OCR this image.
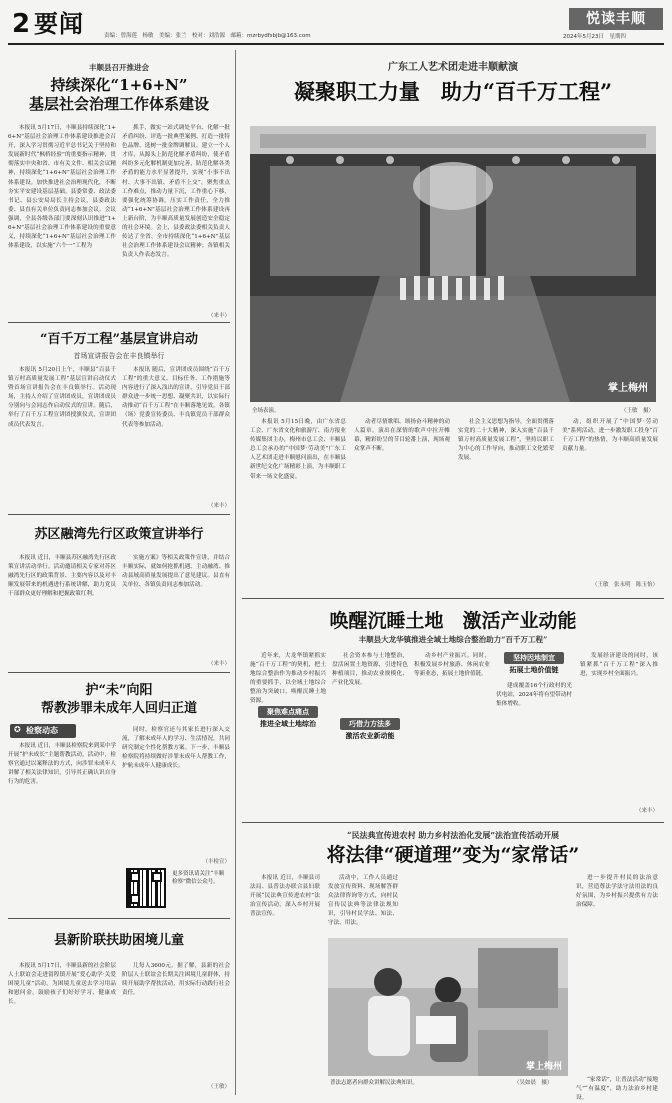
2 要闻	责编：曾海莲　杨敏　美编：张兰　校对：刘浩源　邮箱：mzrbydfsbjb@163.com
悦读丰顺
2024年5月23日　星期四
丰顺县召开推进会
持续深化“1+6+N”
基层社会治理工作体系建设

本报讯 5月17日，丰顺县持续深化“1+6+N”基层社会治理工作体系建设推进会召开，深入学习贯彻习近平总书记关于坚持和发展新时代“枫桥经验”的重要指示精神，贯彻落实中央和省、市有关文件、相关会议精神，持续深化“1+6+N”基层社会治理工作体系建设。加快推进社会治理现代化，不断夯实平安建设基层基础。县委常委、政法委书记、县公安局局长主持会议，县委政法委、县直有关单位负责同志参加会议。会议强调，全县各级各部门要深刻认识推进“1+6+N”基层社会治理工作体系建设的重要意义，持续深化“1+6+N”基层社会治理工作体系建设，以实施“六个一”工程为

抓手，做实一站式调处平台、化解一批矛盾纠纷、评选一批典型案例、打造一批特色品牌、选树一批金牌调解员、建立一个人才库，从源头上防范化解矛盾纠纷，使矛盾纠纷多元化解机制更加完善，防范化解各类矛盾的能力水平显著提升，实现“小事不出村、大事不出镇、矛盾不上交”，聚焦重点工作难点，推动力量下沉，工作重心下移，要强化统筹协调，压实工作责任，全力推动“1+6+N”基层社会治理工作体系建设再上新台阶，为丰顺高质量发展创造安全稳定的社会环境。会上，县委政法委相关负责人传达了全省、全市持续深化“1+6+N”基层社会治理工作体系建设会议精神；各镇相关负责人作表态发言。

（来丰）
“百千万工程”基层宣讲启动
首场宣讲报告会在丰良镇举行

本报讯 5月20日上午，丰顺县“百县千镇万村高质量发展工程”基层宣讲启动仪式暨首场宣讲报告会在丰良镇举行。活动现场，主持人介绍了宣讲团成员，宣讲团成员分别向与会同志作启动仪式的宣讲。随后，举行了百千万工程宣讲团授旗仪式，宣讲团成员代表发言。

本报讯 随后，宣讲团成员围绕“百千万工程”的重大意义、目标任务、工作措施等内容进行了深入浅出的宣讲，引导党员干部群众进一步统一思想、凝聚共识，以实际行动推动“百千万工程”在丰顺落地见效。各镇（场）党委宣传委员、丰良镇党员干部群众代表等参加活动。

（来丰）
苏区融湾先行区政策宣讲举行

本报讯 近日，丰顺县苏区融湾先行区政策宣讲活动举行。活动邀请相关专家对苏区融湾先行区的政策背景、主要内容以及对丰顺发展带来的机遇进行系统讲解，助力党员干部群众更好理解和把握政策红利。

实施方案》等相关政策作宣讲，并结合丰顺实际，就如何抢抓机遇、主动融湾、推动县域高质量发展提出了意见建议。县直有关单位、各镇负责同志参加活动。

（来丰）
护“未”向阳
帮教涉罪未成年人回归正道
✪ 检察动态

本报讯 近日，丰顺县检察院来到某中学开展“护未成长”主题帮教活动。活动中，检察官通过以案释法的方式，向涉罪未成年人讲解了相关法律知识，引导其正确认识自身行为的危害。

同时，检察官还与其家长进行深入交流，了解未成年人的学习、生活情况，共同研究制定个性化帮教方案。下一步，丰顺县检察院将持续做好涉罪未成年人帮教工作，护航未成年人健康成长。

（丰检宣）
更多资讯请关注“丰顺检察”微信公众号。
县新阶联扶助困境儿童

本报讯 5月17日，丰顺县新的社会阶层人士联谊会走进留隍镇开展“爱心助学·关爱困境儿童”活动，为困境儿童送去学习用品和慰问金，鼓励孩子们好好学习、健康成长。

儿每人3600元。据了解，县新的社会阶层人士联谊会长期关注困境儿童群体，持续开展助学帮扶活动，用实际行动践行社会责任。

（王敏）
广东工人艺术团走进丰顺献演
凝聚职工力量　助力“百千万工程”
掌上梅州
全场表演。	（王敏　摄）

本报讯 5月15日晚，由广东省总工会、广东省文化和旅游厅、南方报业传媒集团主办，梅州市总工会、丰顺县总工会承办的“中国梦·劳动美”广东工人艺术团走进丰顺慰问演出，在丰顺县新世纪文化广场精彩上演，为丰顺职工带来一场文化盛宴。

动者尽情歌唱、颂扬奋斗精神的动人篇章。演出在深情的歌声中拉开帷幕，精彩纷呈的节目轮番上演，现场观众掌声不断。

社会主义思想为指导，全面贯彻落实党的二十大精神，深入实施“百县千镇万村高质量发展工程”，坚持以职工为中心的工作导向，推动职工文化繁荣发展。

动，组织开展了“中国梦·劳动美”系列活动，进一步激发职工投身“百千万工程”的热情，为丰顺高质量发展贡献力量。

（王敏　张永明　陈玉怡）
唤醒沉睡土地　激活产业动能
丰顺县大龙华镇推进全域土地综合整治助力“百千万工程”

近年来，大龙华镇紧抓实施“百千万工程”的契机，把土地综合整治作为推动乡村振兴的重要抓手，以全域土地综合整治为突破口，唤醒沉睡土地资源。

聚焦难点痛点
推进全域土地综治

社会资本参与土地整治，盘活闲置土地资源，引进特色种植项目，推动农业规模化、产业化发展。

巧借力方法多
激活农业新动能

动乡村产业振兴。同时，积极发展乡村旅游、休闲农业等新业态，拓展土地价值链。

坚持因地制宜
拓展土地价值链

建成覆盖16个行政村的光伏电站，2024年将有望带动村集体增收。

发展经济建设的同时，该镇紧抓“百千万工程”深入推进，实现乡村全面振兴。

（来丰）
“民法典宣传进农村 助力乡村法治化发展”法治宣传活动开展
将法律“硬道理”变为“家常话”

本报讯 近日，丰顺县司法局、县普法办联合县妇联开展“民法典宣传进农村”法治宣传活动，深入乡村开展普法宣传。

活动中，工作人员通过发放宣传资料、现场解答群众法律咨询等方式，向村民宣传民法典等法律法规知识，引导村民学法、知法、守法、用法。

掌上梅州
普法志愿者向群众讲解民法典知识。	（吴如晨　摄）

进一步提升村民的法治意识，营造尊法学法守法用法的良好氛围，为乡村振兴提供有力法治保障。

“家常话”，让普法活动“接地气”“有温度”，助力法治乡村建设。
